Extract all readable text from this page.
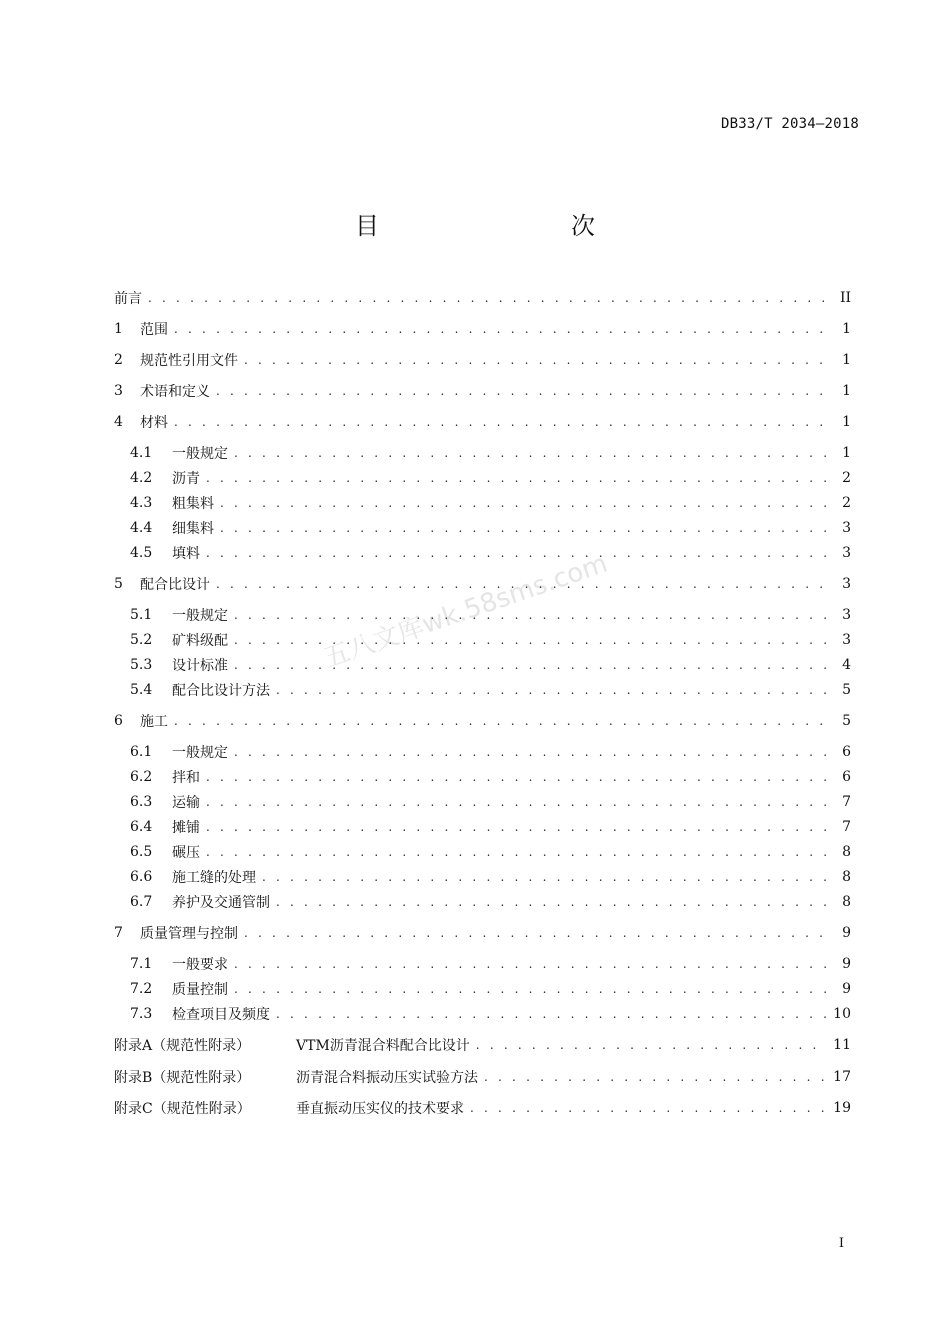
DB33/T 2034—2018
目　　次
五八文库wk.58sms.com
前言 . . .	II
1	范围 . . .	1
2	规范性引用文件 . . .	1
3	术语和定义 . . .	1
4	材料 . . .	1
4.1	一般规定 . . .	1
4.2	沥青 . . .	2
4.3	粗集料 . . .	2
4.4	细集料 . . .	3
4.5	填料 . . .	3
5	配合比设计 . . .	3
5.1	一般规定 . . .	3
5.2	矿料级配 . . .	3
5.3	设计标准 . . .	4
5.4	配合比设计方法 . . .	5
6	施工 . . .	5
6.1	一般规定 . . .	6
6.2	拌和 . . .	6
6.3	运输 . . .	7
6.4	摊铺 . . .	7
6.5	碾压 . . .	8
6.6	施工缝的处理 . . .	8
6.7	养护及交通管制 . . .	8
7	质量管理与控制 . . .	9
7.1	一般要求 . . .	9
7.2	质量控制 . . .	9
7.3	检查项目及频度 . . .	10
附录A（规范性附录）	VTM沥青混合料配合比设计 . . .	11
附录B（规范性附录）	沥青混合料振动压实试验方法 . . .	17
附录C（规范性附录）	垂直振动压实仪的技术要求 . . .	19
I
